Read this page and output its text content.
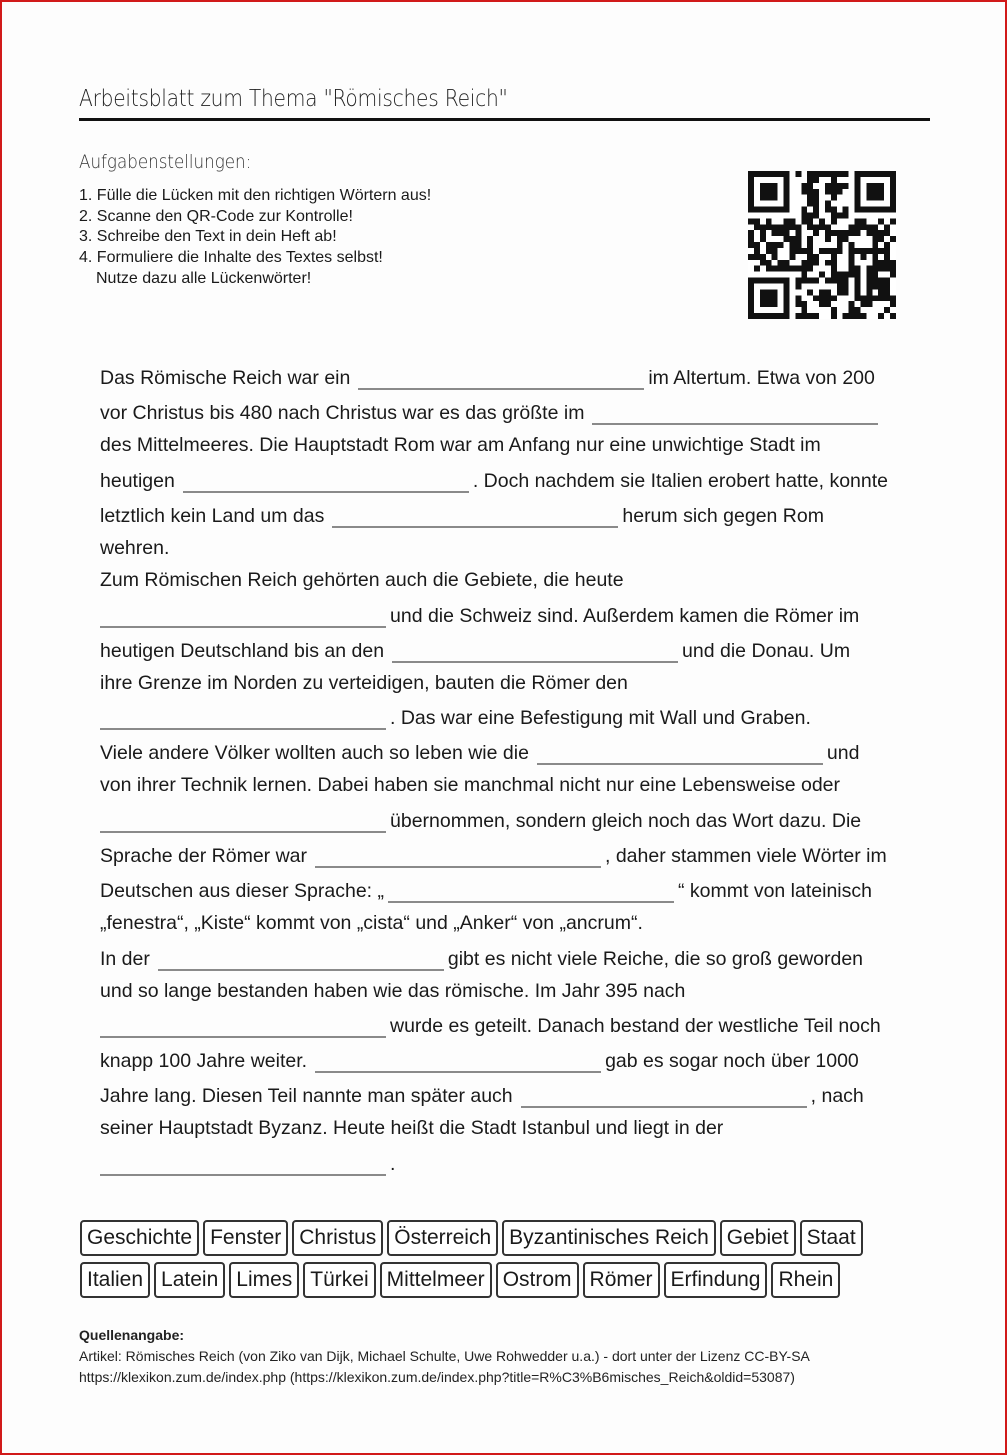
Arbeitsblatt zum Thema "Römisches Reich"
Aufgabenstellungen:
1. Fülle die Lücken mit den richtigen Wörtern aus!
2. Scanne den QR-Code zur Kontrolle!
3. Schreibe den Text in dein Heft ab!
4. Formuliere die Inhalte des Textes selbst!
Nutze dazu alle Lückenwörter!
Das Römische Reich war ein	im Altertum. Etwa von 200
vor Christus bis 480 nach Christus war es das größte im
des Mittelmeeres. Die Hauptstadt Rom war am Anfang nur eine unwichtige Stadt im
heutigen	. Doch nachdem sie Italien erobert hatte, konnte
letztlich kein Land um das	herum sich gegen Rom
wehren.
Zum Römischen Reich gehörten auch die Gebiete, die heute
und die Schweiz sind. Außerdem kamen die Römer im
heutigen Deutschland bis an den	und die Donau. Um
ihre Grenze im Norden zu verteidigen, bauten die Römer den
. Das war eine Befestigung mit Wall und Graben.
Viele andere Völker wollten auch so leben wie die	und
von ihrer Technik lernen. Dabei haben sie manchmal nicht nur eine Lebensweise oder
übernommen, sondern gleich noch das Wort dazu. Die
Sprache der Römer war	, daher stammen viele Wörter im
Deutschen aus dieser Sprache: „	“ kommt von lateinisch
„fenestra“, „Kiste“ kommt von „cista“ und „Anker“ von „ancrum“.
In der	gibt es nicht viele Reiche, die so groß geworden
und so lange bestanden haben wie das römische. Im Jahr 395 nach
wurde es geteilt. Danach bestand der westliche Teil noch
knapp 100 Jahre weiter.	gab es sogar noch über 1000
Jahre lang. Diesen Teil nannte man später auch	, nach
seiner Hauptstadt Byzanz. Heute heißt die Stadt Istanbul und liegt in der
.
Geschichte Fenster Christus Österreich Byzantinisches Reich Gebiet Staat
Italien Latein Limes Türkei Mittelmeer Ostrom Römer Erfindung Rhein
Quellenangabe:
Artikel: Römisches Reich (von Ziko van Dijk, Michael Schulte, Uwe Rohwedder u.a.) - dort unter der Lizenz CC-BY-SA
https://klexikon.zum.de/index.php (https://klexikon.zum.de/index.php?title=R%C3%B6misches_Reich&oldid=53087)
